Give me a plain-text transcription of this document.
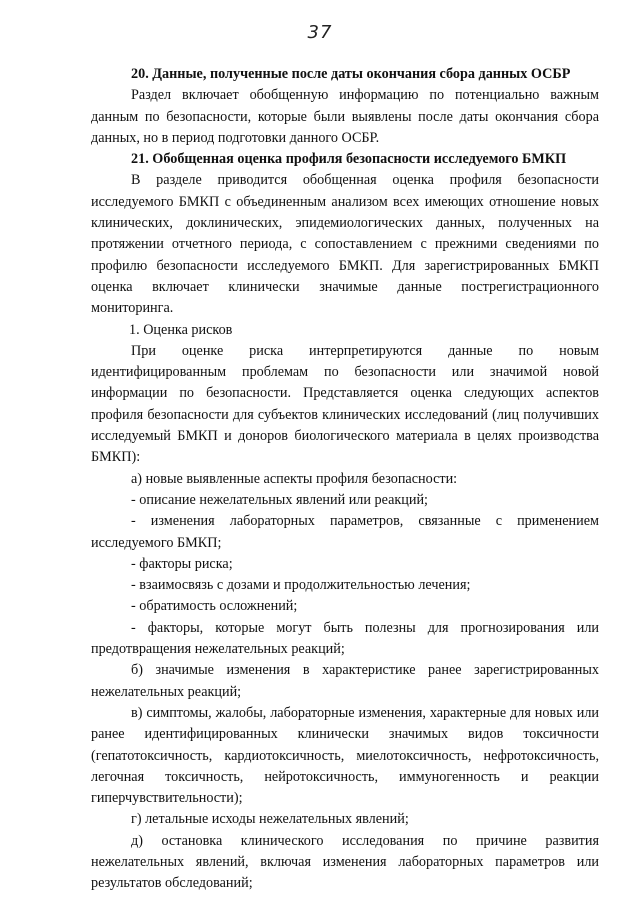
37
20. Данные, полученные после даты окончания сбора данных ОСБР

Раздел включает обобщенную информацию по потенциально важным данным по безопасности, которые были выявлены после даты окончания сбора данных, но в период подготовки данного ОСБР.

21. Обобщенная оценка профиля безопасности исследуемого БМКП

В разделе приводится обобщенная оценка профиля безопасности исследуемого БМКП с объединенным анализом всех имеющих отношение новых клинических, доклинических, эпидемиологических данных, полученных на протяжении отчетного периода, с сопоставлением с прежними сведениями по профилю безопасности исследуемого БМКП. Для зарегистрированных БМКП оценка включает клинически значимые данные пострегистрационного мониторинга.

1. Оценка рисков

При оценке риска интерпретируются данные по новым идентифицированным проблемам по безопасности или значимой новой информации по безопасности. Представляется оценка следующих аспектов профиля безопасности для субъектов клинических исследований (лиц получивших исследуемый БМКП и доноров биологического материала в целях производства БМКП):

а) новые выявленные аспекты профиля безопасности:

- описание нежелательных явлений или реакций;

- изменения лабораторных параметров, связанные с применением исследуемого БМКП;

- факторы риска;

- взаимосвязь с дозами и продолжительностью лечения;

- обратимость осложнений;

- факторы, которые могут быть полезны для прогнозирования или предотвращения нежелательных реакций;

б) значимые изменения в характеристике ранее зарегистрированных нежелательных реакций;

в) симптомы, жалобы, лабораторные изменения, характерные для новых или ранее идентифицированных клинически значимых видов токсичности (гепатотоксичность, кардиотоксичность, миелотоксичность, нефротоксичность, легочная токсичность, нейротоксичность, иммуногенность и реакции гиперчувствительности);

г) летальные исходы нежелательных явлений;

д) остановка клинического исследования по причине развития нежелательных явлений, включая изменения лабораторных параметров или результатов обследований;
